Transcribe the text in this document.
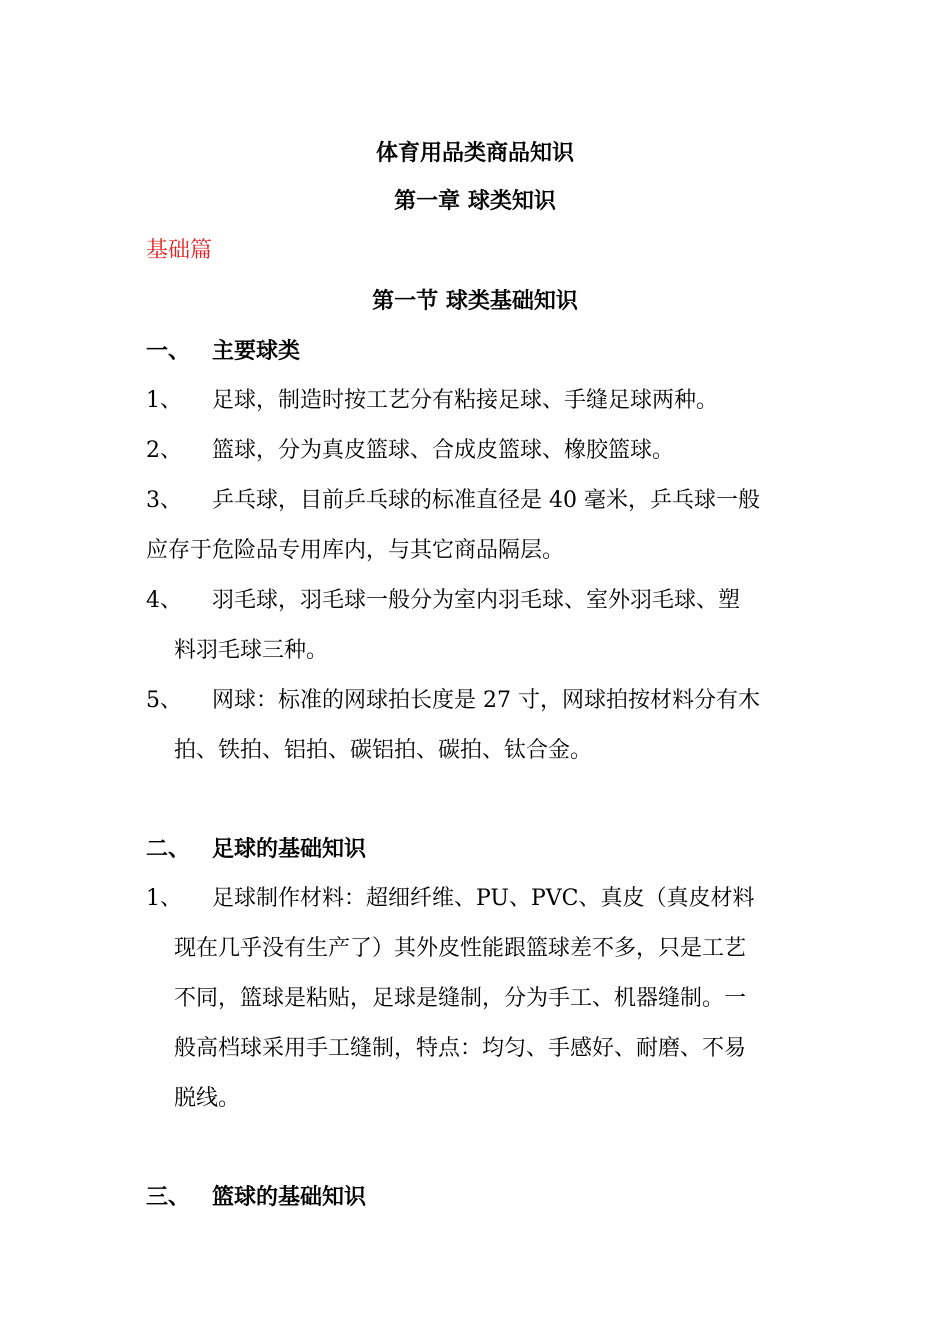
体育用品类商品知识
第一章 球类知识
基础篇
第一节 球类基础知识
一、 主要球类
1、 足球，制造时按工艺分有粘接足球、手缝足球两种。
2、 篮球，分为真皮篮球、合成皮篮球、橡胶篮球。
3、 乒乓球，目前乒乓球的标准直径是 40 毫米，乒乓球一般
应存于危险品专用库内，与其它商品隔层。
4、 羽毛球，羽毛球一般分为室内羽毛球、室外羽毛球、塑
料羽毛球三种。
5、 网球：标准的网球拍长度是 27 寸，网球拍按材料分有木
拍、铁拍、铝拍、碳铝拍、碳拍、钛合金。
二、 足球的基础知识
1、 足球制作材料：超细纤维、PU、PVC、真皮（真皮材料
现在几乎没有生产了）其外皮性能跟篮球差不多，只是工艺
不同，篮球是粘贴，足球是缝制，分为手工、机器缝制。一
般高档球采用手工缝制，特点：均匀、手感好、耐磨、不易
脱线。
三、 篮球的基础知识
